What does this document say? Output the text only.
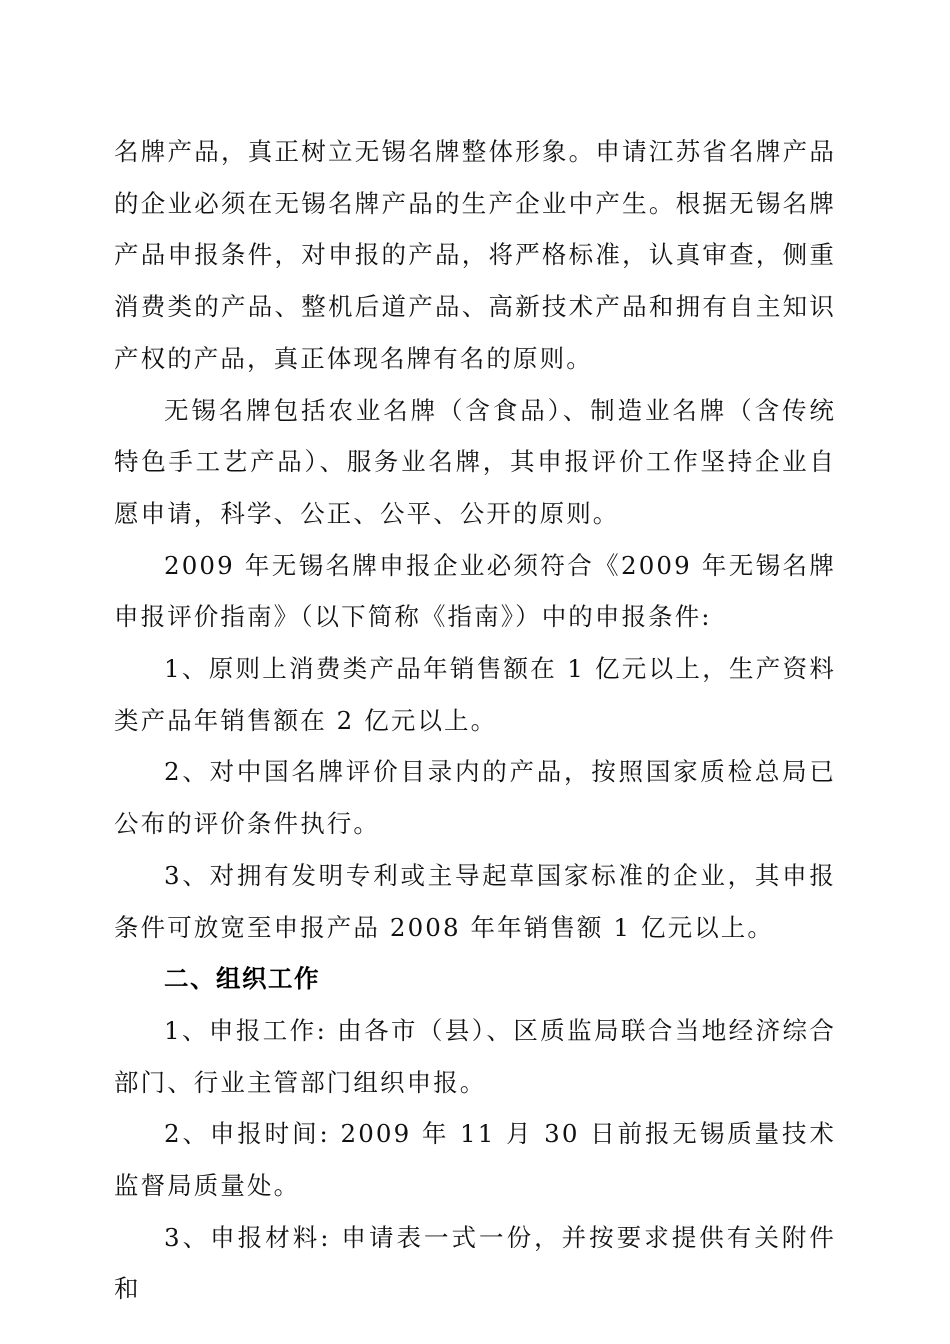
名牌产品，真正树立无锡名牌整体形象。申请江苏省名牌产品的企业必须在无锡名牌产品的生产企业中产生。根据无锡名牌产品申报条件，对申报的产品，将严格标准，认真审查，侧重消费类的产品、整机后道产品、高新技术产品和拥有自主知识产权的产品，真正体现名牌有名的原则。

无锡名牌包括农业名牌（含食品）、制造业名牌（含传统特色手工艺产品）、服务业名牌，其申报评价工作坚持企业自愿申请，科学、公正、公平、公开的原则。

2009 年无锡名牌申报企业必须符合《2009 年无锡名牌申报评价指南》（以下简称《指南》）中的申报条件:

1、原则上消费类产品年销售额在 1 亿元以上，生产资料类产品年销售额在 2 亿元以上。

2、对中国名牌评价目录内的产品，按照国家质检总局已公布的评价条件执行。

3、对拥有发明专利或主导起草国家标准的企业，其申报条件可放宽至申报产品 2008 年年销售额 1 亿元以上。

二、组织工作

1、申报工作: 由各市（县）、区质监局联合当地经济综合部门、行业主管部门组织申报。

2、申报时间: 2009 年 11 月 30 日前报无锡质量技术监督局质量处。

3、申报材料: 申请表一式一份，并按要求提供有关附件和
